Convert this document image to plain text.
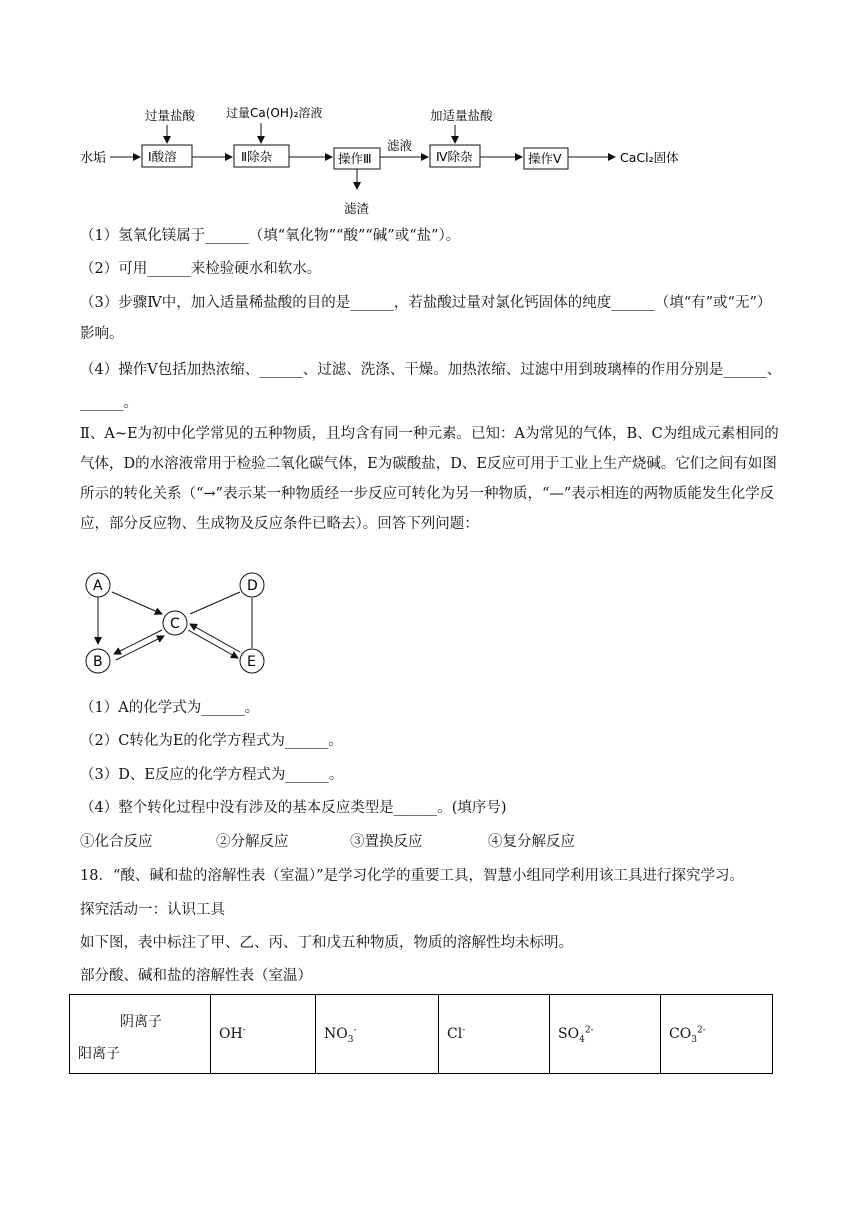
水垢	Ⅰ酸溶
过量盐酸
Ⅱ除杂
过量Ca(OH)₂溶液
操作Ⅲ
滤渣
滤液
Ⅳ除杂
加适量盐酸
操作Ⅴ	CaCl₂固体
（1）氢氧化镁属于______（填“氧化物”“酸”“碱”或“盐”）。
（2）可用______来检验硬水和软水。
（3）步骤Ⅳ中，加入适量稀盐酸的目的是______，若盐酸过量对氯化钙固体的纯度______（填“有”或“无”）
影响。
（4）操作Ⅴ包括加热浓缩、______、过滤、洗涤、干燥。加热浓缩、过滤中用到玻璃棒的作用分别是______、
______。
Ⅱ、A~E为初中化学常见的五种物质，且均含有同一种元素。已知：A为常见的气体，B、C为组成元素相同的气体，D的水溶液常用于检验二氧化碳气体，E为碳酸盐，D、E反应可用于工业上生产烧碱。它们之间有如图所示的转化关系（“→”表示某一种物质经一步反应可转化为另一种物质，“—”表示相连的两物质能发生化学反应，部分反应物、生成物及反应条件已略去）。回答下列问题：
A
B
C
D
E
（1）A的化学式为______。
（2）C转化为E的化学方程式为______。
（3）D、E反应的化学方程式为______。
（4）整个转化过程中没有涉及的基本反应类型是______。(填序号)
①化合反应	②分解反应	③置换反应	④复分解反应
18．“酸、碱和盐的溶解性表（室温）”是学习化学的重要工具，智慧小组同学利用该工具进行探究学习。
探究活动一：认识工具
如下图，表中标注了甲、乙、丙、丁和戊五种物质，物质的溶解性均未标明。
部分酸、碱和盐的溶解性表（室温）
阴离子
阳离子
	OH-	$NO_3^-$	Cl-	$SO_4^{2-}$	$CO_3^{2-}$
